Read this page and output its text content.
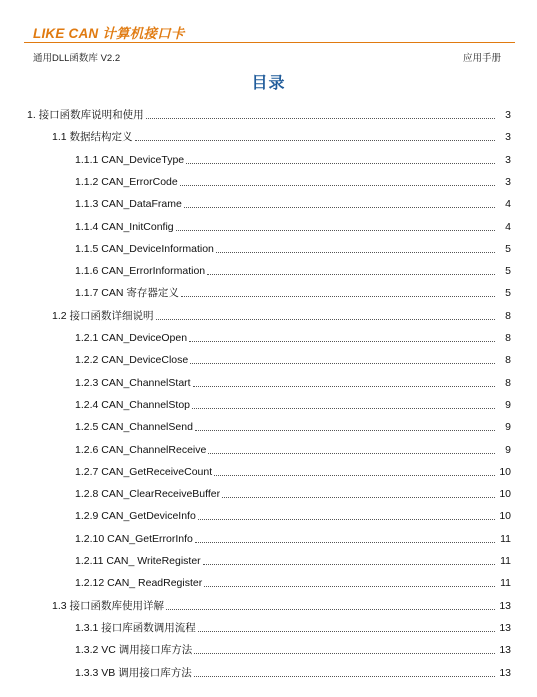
LIKE CAN 计算机接口卡
通用DLL函数库 V2.2	应用手册
目录
1. 接口函数库说明和使用	3
1.1 数据结构定义	3
1.1.1 CAN_DeviceType	3
1.1.2 CAN_ErrorCode	3
1.1.3 CAN_DataFrame	4
1.1.4 CAN_InitConfig	4
1.1.5 CAN_DeviceInformation	5
1.1.6 CAN_ErrorInformation	5
1.1.7 CAN 寄存器定义	5
1.2 接口函数详细说明	8
1.2.1 CAN_DeviceOpen	8
1.2.2 CAN_DeviceClose	8
1.2.3 CAN_ChannelStart	8
1.2.4 CAN_ChannelStop	9
1.2.5 CAN_ChannelSend	9
1.2.6 CAN_ChannelReceive	9
1.2.7 CAN_GetReceiveCount	10
1.2.8 CAN_ClearReceiveBuffer	10
1.2.9 CAN_GetDeviceInfo	10
1.2.10 CAN_GetErrorInfo	11
1.2.11 CAN_ WriteRegister	11
1.2.12 CAN_ ReadRegister	11
1.3 接口函数库使用详解	13
1.3.1 接口库函数调用流程	13
1.3.2 VC 调用接口库方法	13
1.3.3 VB 调用接口库方法	13
